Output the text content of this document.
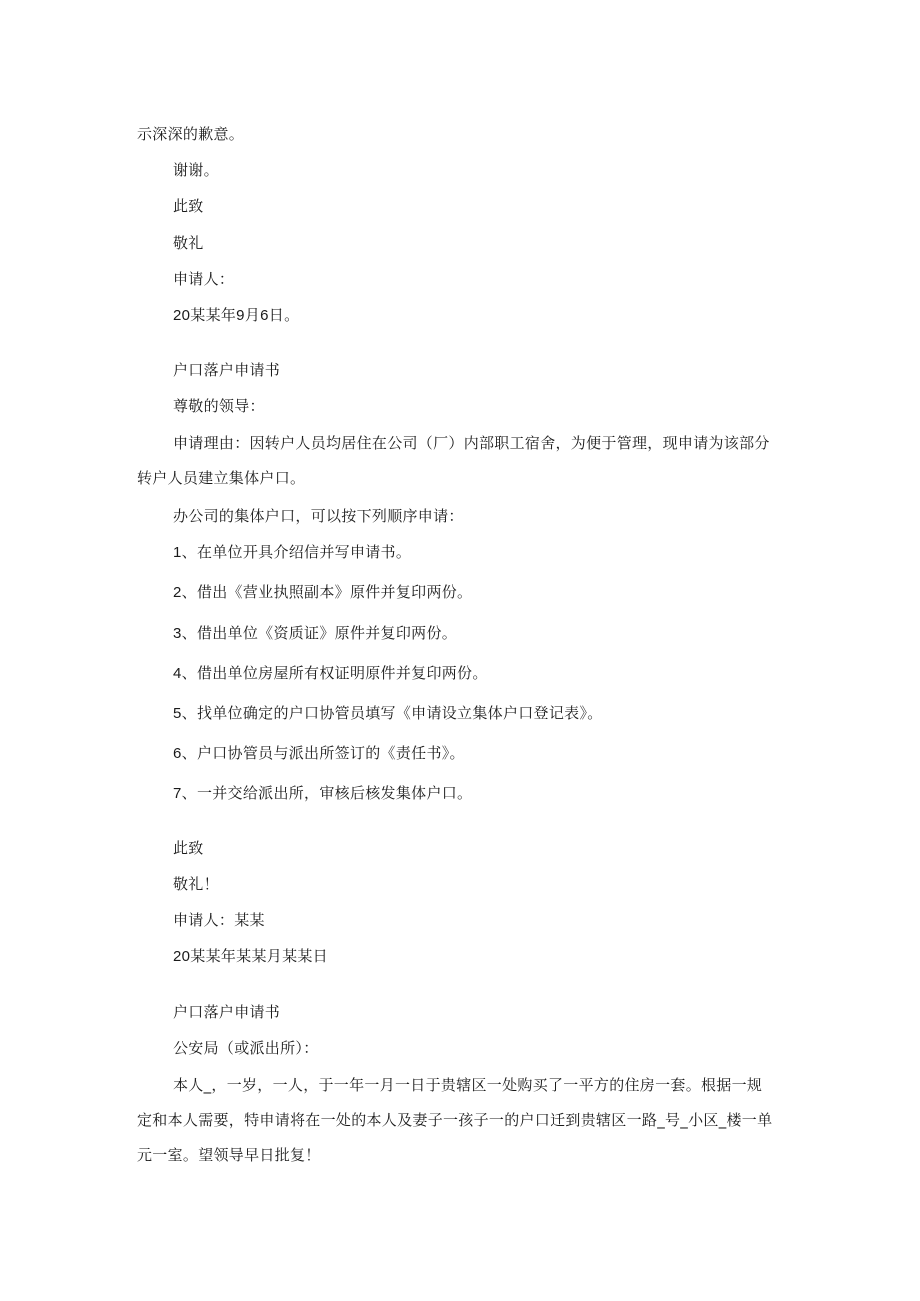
示深深的歉意。
谢谢。
此致
敬礼
申请人：
20某某年9月6日。
户口落户申请书
尊敬的领导：
申请理由：因转户人员均居住在公司（厂）内部职工宿舍，为便于管理，现申请为该部分
转户人员建立集体户口。
办公司的集体户口，可以按下列顺序申请：
1、在单位开具介绍信并写申请书。
2、借出《营业执照副本》原件并复印两份。
3、借出单位《资质证》原件并复印两份。
4、借出单位房屋所有权证明原件并复印两份。
5、找单位确定的户口协管员填写《申请设立集体户口登记表》。
6、户口协管员与派出所签订的《责任书》。
7、一并交给派出所，审核后核发集体户口。
此致
敬礼！
申请人：某某
20某某年某某月某某日
户口落户申请书
公安局（或派出所）：
本人_，一岁，一人，于一年一月一日于贵辖区一处购买了一平方的住房一套。根据一规
定和本人需要，特申请将在一处的本人及妻子一孩子一的户口迁到贵辖区一路_号_小区_楼一单
元一室。望领导早日批复！
